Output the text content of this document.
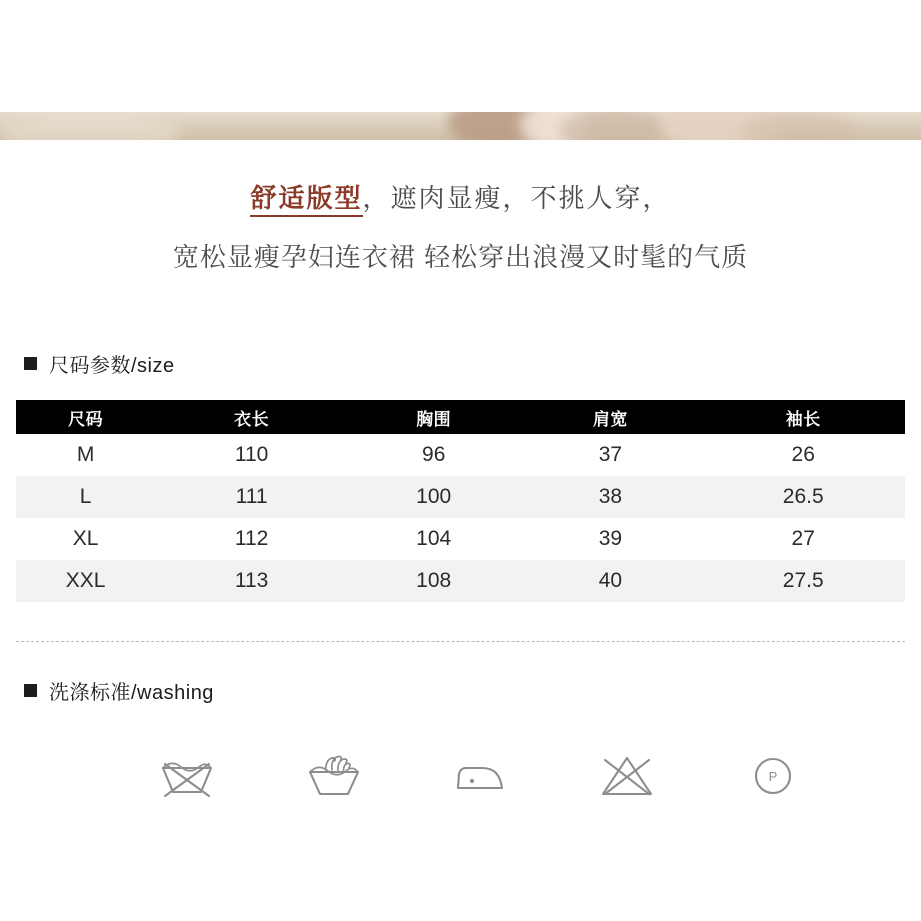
舒适版型，遮肉显瘦，不挑人穿，
宽松显瘦孕妇连衣裙 轻松穿出浪漫又时髦的气质
尺码参数/size
尺码	衣长	胸围	肩宽	袖长
M	110	96	37	26
L	111	100	38	26.5
XL	112	104	39	27
XXL	113	108	40	27.5
洗涤标准/washing
P
